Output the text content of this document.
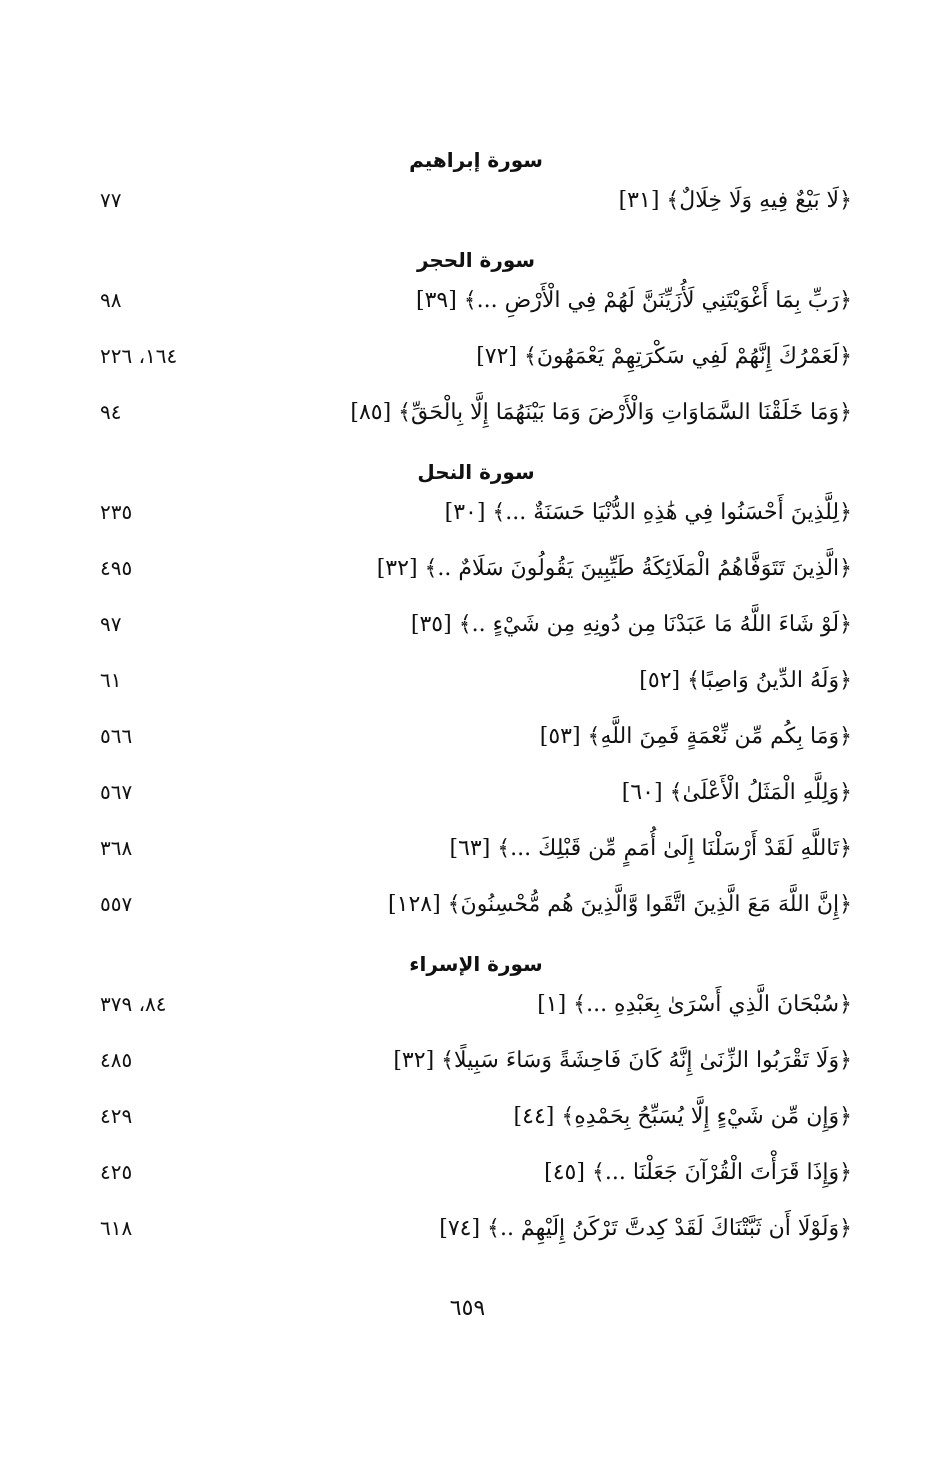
سورة إبراهيم
٧٧	﴿لَا بَيْعٌ فِيهِ وَلَا خِلَالٌ﴾ [٣١]
سورة الحجر
٩٨	﴿رَبِّ بِمَا أَغْوَيْتَنِي لَأُزَيِّنَنَّ لَهُمْ فِي الْأَرْضِ ...﴾ [٣٩]
١٦٤، ٢٢٦	﴿لَعَمْرُكَ إِنَّهُمْ لَفِي سَكْرَتِهِمْ يَعْمَهُونَ﴾ [٧٢]
٩٤	﴿وَمَا خَلَقْنَا السَّمَاوَاتِ وَالْأَرْضَ وَمَا بَيْنَهُمَا إِلَّا بِالْحَقِّ﴾ [٨٥]
سورة النحل
٢٣٥	﴿لِلَّذِينَ أَحْسَنُوا فِي هَٰذِهِ الدُّنْيَا حَسَنَةٌ ...﴾ [٣٠]
٤٩٥	﴿الَّذِينَ تَتَوَفَّاهُمُ الْمَلَائِكَةُ طَيِّبِينَ يَقُولُونَ سَلَامٌ ..﴾ [٣٢]
٩٧	﴿لَوْ شَاءَ اللَّهُ مَا عَبَدْنَا مِن دُونِهِ مِن شَيْءٍ ..﴾ [٣٥]
٦١	﴿وَلَهُ الدِّينُ وَاصِبًا﴾ [٥٢]
٥٦٦	﴿وَمَا بِكُم مِّن نِّعْمَةٍ فَمِنَ اللَّهِ﴾ [٥٣]
٥٦٧	﴿وَلِلَّهِ الْمَثَلُ الْأَعْلَىٰ﴾ [٦٠]
٣٦٨	﴿تَاللَّهِ لَقَدْ أَرْسَلْنَا إِلَىٰ أُمَمٍ مِّن قَبْلِكَ ...﴾ [٦٣]
٥٥٧	﴿إِنَّ اللَّهَ مَعَ الَّذِينَ اتَّقَوا وَّالَّذِينَ هُم مُّحْسِنُونَ﴾ [١٢٨]
سورة الإسراء
٨٤، ٣٧٩	﴿سُبْحَانَ الَّذِي أَسْرَىٰ بِعَبْدِهِ ...﴾ [١]
٤٨٥	﴿وَلَا تَقْرَبُوا الزِّنَىٰ إِنَّهُ كَانَ فَاحِشَةً وَسَاءَ سَبِيلًا﴾ [٣٢]
٤٢٩	﴿وَإِن مِّن شَيْءٍ إِلَّا يُسَبِّحُ بِحَمْدِهِ﴾ [٤٤]
٤٢٥	﴿وَإِذَا قَرَأْتَ الْقُرْآنَ جَعَلْنَا ...﴾ [٤٥]
٦١٨	﴿وَلَوْلَا أَن ثَبَّتْنَاكَ لَقَدْ كِدتَّ تَرْكَنُ إِلَيْهِمْ ..﴾ [٧٤]
٦٥٩
